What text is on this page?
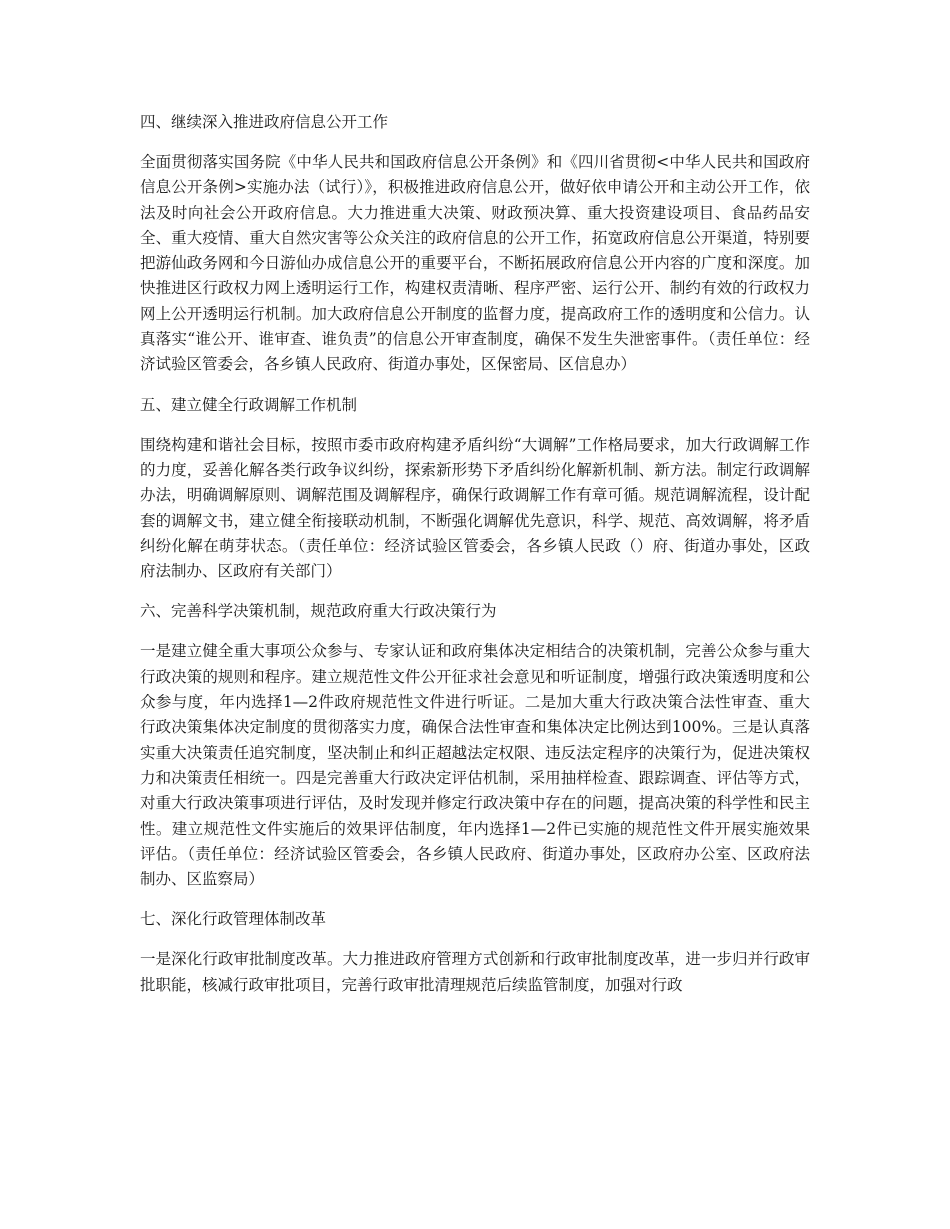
四、继续深入推进政府信息公开工作

全面贯彻落实国务院《中华人民共和国政府信息公开条例》和《四川省贯彻<中华人民共和国政府信息公开条例>实施办法（试行）》，积极推进政府信息公开，做好依申请公开和主动公开工作，依法及时向社会公开政府信息。大力推进重大决策、财政预决算、重大投资建设项目、食品药品安全、重大疫情、重大自然灾害等公众关注的政府信息的公开工作，拓宽政府信息公开渠道，特别要把游仙政务网和今日游仙办成信息公开的重要平台，不断拓展政府信息公开内容的广度和深度。加快推进区行政权力网上透明运行工作，构建权责清晰、程序严密、运行公开、制约有效的行政权力网上公开透明运行机制。加大政府信息公开制度的监督力度，提高政府工作的透明度和公信力。认真落实“谁公开、谁审查、谁负责”的信息公开审查制度，确保不发生失泄密事件。（责任单位：经济试验区管委会，各乡镇人民政府、街道办事处，区保密局、区信息办）

五、建立健全行政调解工作机制

围绕构建和谐社会目标，按照市委市政府构建矛盾纠纷“大调解”工作格局要求，加大行政调解工作的力度，妥善化解各类行政争议纠纷，探索新形势下矛盾纠纷化解新机制、新方法。制定行政调解办法，明确调解原则、调解范围及调解程序，确保行政调解工作有章可循。规范调解流程，设计配套的调解文书，建立健全衔接联动机制，不断强化调解优先意识，科学、规范、高效调解，将矛盾纠纷化解在萌芽状态。（责任单位：经济试验区管委会，各乡镇人民政（）府、街道办事处，区政府法制办、区政府有关部门）

六、完善科学决策机制，规范政府重大行政决策行为

一是建立健全重大事项公众参与、专家认证和政府集体决定相结合的决策机制，完善公众参与重大行政决策的规则和程序。建立规范性文件公开征求社会意见和听证制度，增强行政决策透明度和公众参与度，年内选择1—2件政府规范性文件进行听证。二是加大重大行政决策合法性审查、重大行政决策集体决定制度的贯彻落实力度，确保合法性审查和集体决定比例达到100%。三是认真落实重大决策责任追究制度，坚决制止和纠正超越法定权限、违反法定程序的决策行为，促进决策权力和决策责任相统一。四是完善重大行政决定评估机制，采用抽样检查、跟踪调查、评估等方式，对重大行政决策事项进行评估，及时发现并修定行政决策中存在的问题，提高决策的科学性和民主性。建立规范性文件实施后的效果评估制度，年内选择1—2件已实施的规范性文件开展实施效果评估。（责任单位：经济试验区管委会，各乡镇人民政府、街道办事处，区政府办公室、区政府法制办、区监察局）

七、深化行政管理体制改革

一是深化行政审批制度改革。大力推进政府管理方式创新和行政审批制度改革，进一步归并行政审批职能，核减行政审批项目，完善行政审批清理规范后续监管制度，加强对行政
